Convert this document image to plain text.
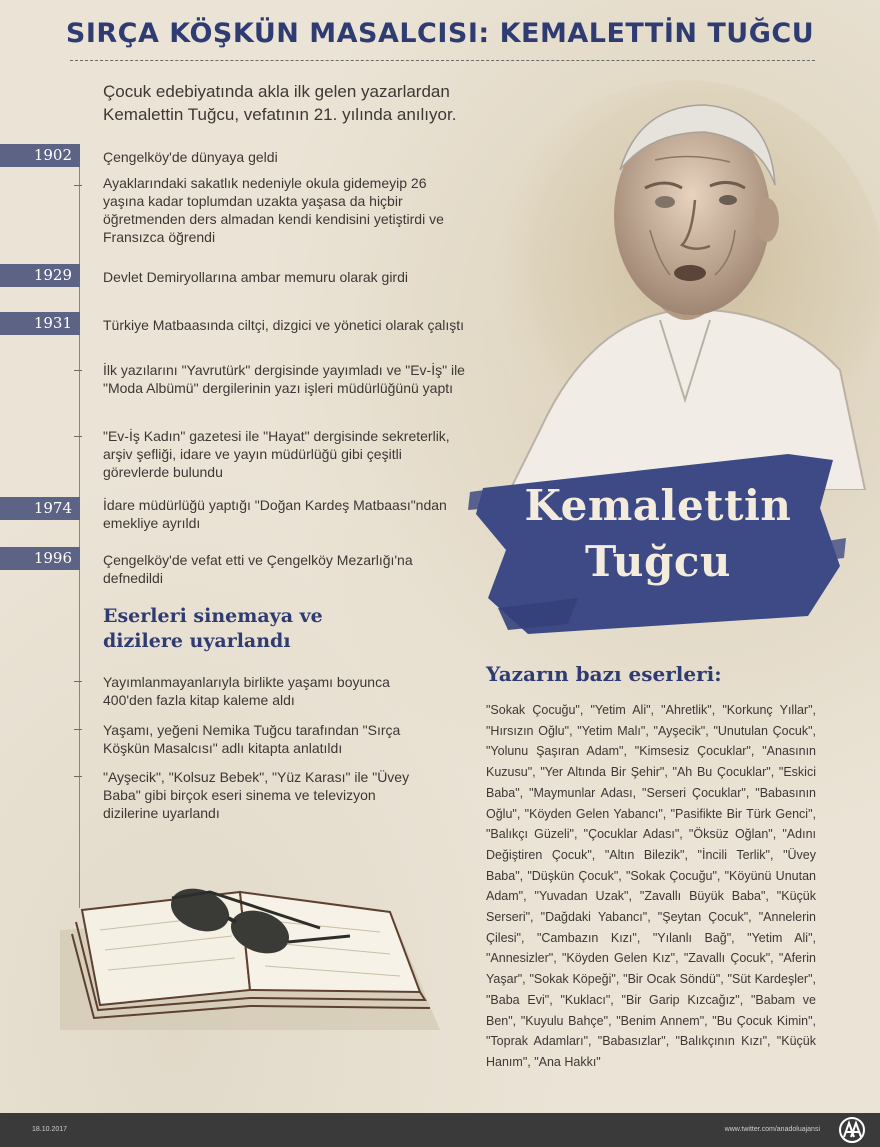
SIRÇA KÖŞKÜN MASALCISI: KEMALETTİN TUĞCU

Çocuk edebiyatında akla ilk gelen yazarlardan Kemalettin Tuğcu, vefatının 21. yılında anılıyor.

Kemalettin
Tuğcu
1902	Çengelköy'de dünyaya geldi
Ayaklarındaki sakatlık nedeniyle okula gidemeyip 26 yaşına kadar toplumdan uzakta yaşasa da hiçbir öğretmenden ders almadan kendi kendisini yetiştirdi ve Fransızca öğrendi
1929	Devlet Demiryollarına ambar memuru olarak girdi
1931	Türkiye Matbaasında ciltçi, dizgici ve yönetici olarak çalıştı
İlk yazılarını "Yavrutürk" dergisinde yayımladı ve "Ev-İş" ile "Moda Albümü" dergilerinin yazı işleri müdürlüğünü yaptı
"Ev-İş Kadın" gazetesi ile "Hayat" dergisinde sekreterlik, arşiv şefliği, idare ve yayın müdürlüğü gibi çeşitli görevlerde bulundu
1974	İdare müdürlüğü yaptığı "Doğan Kardeş Matbaası"ndan emekliye ayrıldı
1996	Çengelköy'de vefat etti ve Çengelköy Mezarlığı'na defnedildi
Eserleri sinemaya ve dizilere uyarlandı
Yayımlanmayanlarıyla birlikte yaşamı boyunca 400'den fazla kitap kaleme aldı
Yaşamı, yeğeni Nemika Tuğcu tarafından "Sırça Köşkün Masalcısı" adlı kitapta anlatıldı
"Ayşecik", "Kolsuz Bebek", "Yüz Karası" ile "Üvey Baba" gibi birçok eseri sinema ve televizyon dizilerine uyarlandı
Yazarın bazı eserleri:

"Sokak Çocuğu", "Yetim Ali", "Ahretlik", "Korkunç Yıllar", "Hırsızın Oğlu", "Yetim Malı", "Ayşecik", "Unutulan Çocuk", "Yolunu Şaşıran Adam", "Kimsesiz Çocuklar", "Anasının Kuzusu", "Yer Altında Bir Şehir", "Ah Bu Çocuklar", "Eskici Baba", "Maymunlar Adası, "Serseri Çocuklar", "Babasının Oğlu", "Köyden Gelen Yabancı", "Pasifikte Bir Türk Genci", "Balıkçı Güzeli", "Çocuklar Adası", "Öksüz Oğlan", "Adını Değiştiren Çocuk", "Altın Bilezik", "İncili Terlik", "Üvey Baba", "Düşkün Çocuk", "Sokak Çocuğu", "Köyünü Unutan Adam", "Yuvadan Uzak", "Zavallı Büyük Baba", "Küçük Serseri", "Dağdaki Yabancı", "Şeytan Çocuk", "Annelerin Çilesi", "Cambazın Kızı", "Yılanlı Bağ", "Yetim Ali", "Annesizler", "Köyden Gelen Kız", "Zavallı Çocuk", "Aferin Yaşar", "Sokak Köpeği", "Bir Ocak Söndü", "Süt Kardeşler", "Baba Evi", "Kuklacı", "Bir Garip Kızcağız", "Babam ve Ben", "Kuyulu Bahçe", "Benim Annem", "Bu Çocuk Kimin", "Toprak Adamları", "Babasızlar", "Balıkçının Kızı", "Küçük Hanım", "Ana Hakkı"

18.10.2017	www.twitter.com/anadoluajansi
